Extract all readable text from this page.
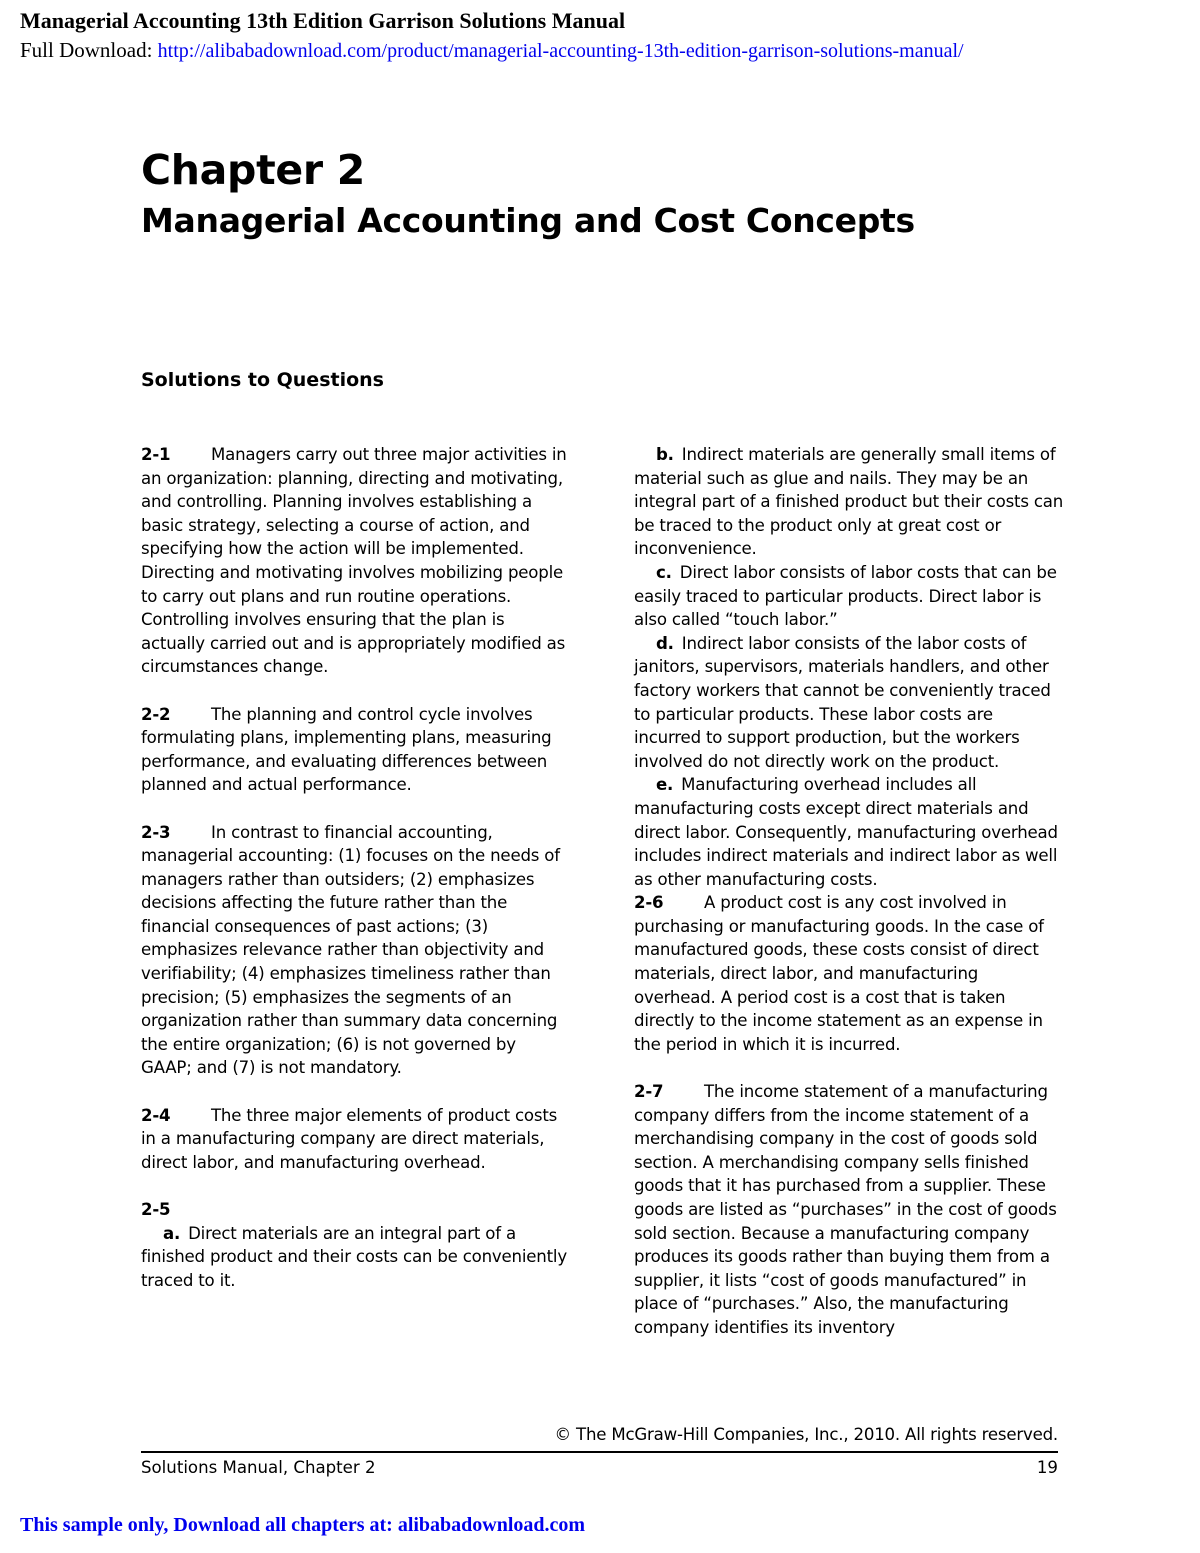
Managerial Accounting 13th Edition Garrison Solutions Manual
Full Download: http://alibabadownload.com/product/managerial-accounting-13th-edition-garrison-solutions-manual/
Chapter 2
Managerial Accounting and Cost Concepts
Solutions to Questions

2-1 Managers carry out three major activities in an organization: planning, directing and motivating, and controlling. Planning involves establishing a basic strategy, selecting a course of action, and specifying how the action will be implemented. Directing and motivating involves mobilizing people to carry out plans and run routine operations. Controlling involves ensuring that the plan is actually carried out and is appropriately modified as circumstances change.

2-2 The planning and control cycle involves formulating plans, implementing plans, measuring performance, and evaluating differences between planned and actual performance.

2-3 In contrast to financial accounting, managerial accounting: (1) focuses on the needs of managers rather than outsiders; (2) emphasizes decisions affecting the future rather than the financial consequences of past actions; (3) emphasizes relevance rather than objectivity and verifiability; (4) emphasizes timeliness rather than precision; (5) emphasizes the segments of an organization rather than summary data concerning the entire organization; (6) is not governed by GAAP; and (7) is not mandatory.

2-4 The three major elements of product costs in a manufacturing company are direct materials, direct labor, and manufacturing overhead.

2-5

a. Direct materials are an integral part of a finished product and their costs can be conveniently traced to it.

b. Indirect materials are generally small items of material such as glue and nails. They may be an integral part of a finished product but their costs can be traced to the product only at great cost or inconvenience.

c. Direct labor consists of labor costs that can be easily traced to particular products. Direct labor is also called “touch labor.”

d. Indirect labor consists of the labor costs of janitors, supervisors, materials handlers, and other factory workers that cannot be conveniently traced to particular products. These labor costs are incurred to support production, but the workers involved do not directly work on the product.

e. Manufacturing overhead includes all manufacturing costs except direct materials and direct labor. Consequently, manufacturing overhead includes indirect materials and indirect labor as well as other manufacturing costs.

2-6 A product cost is any cost involved in purchasing or manufacturing goods. In the case of manufactured goods, these costs consist of direct materials, direct labor, and manufacturing overhead. A period cost is a cost that is taken directly to the income statement as an expense in the period in which it is incurred.

2-7 The income statement of a manufacturing company differs from the income statement of a merchandising company in the cost of goods sold section. A merchandising company sells finished goods that it has purchased from a supplier. These goods are listed as “purchases” in the cost of goods sold section. Because a manufacturing company produces its goods rather than buying them from a supplier, it lists “cost of goods manufactured” in place of “purchases.” Also, the manufacturing company identifies its inventory

© The McGraw-Hill Companies, Inc., 2010. All rights reserved.
Solutions Manual, Chapter 2	19
This sample only, Download all chapters at: alibabadownload.com
